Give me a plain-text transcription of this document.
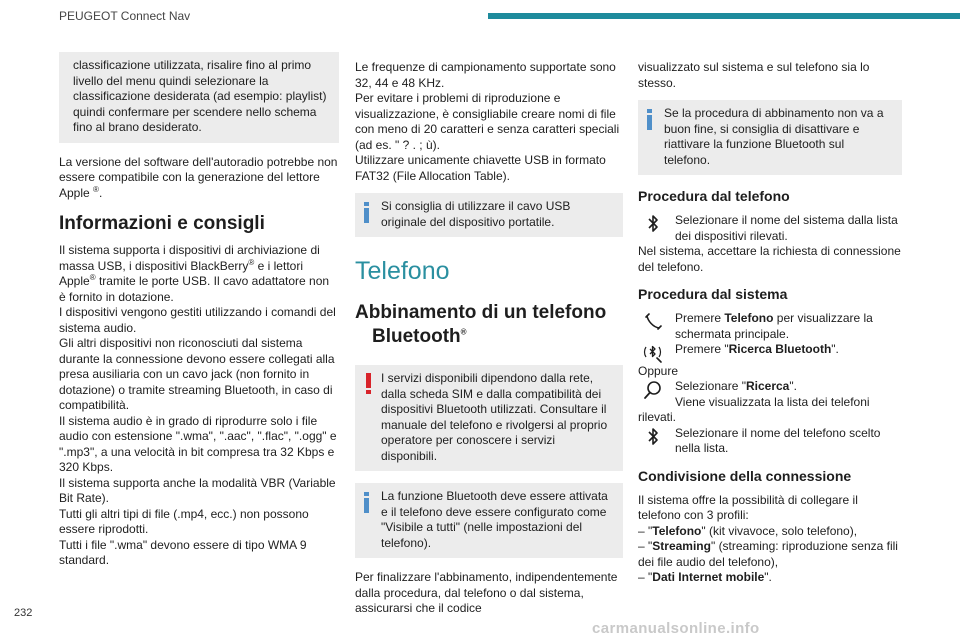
PEUGEOT Connect Nav

classificazione utilizzata, risalire fino al primo livello del menu quindi selezionare la classificazione desiderata (ad esempio: playlist) quindi confermare per scendere nello schema fino al brano desiderato.

La versione del software dell'autoradio potrebbe non essere compatibile con la generazione del lettore Apple ®.

Informazioni e consigli

Il sistema supporta i dispositivi di archiviazione di massa USB, i dispositivi BlackBerry® e i lettori Apple® tramite le porte USB. Il cavo adattatore non è fornito in dotazione.

I dispositivi vengono gestiti utilizzando i comandi del sistema audio.

Gli altri dispositivi non riconosciuti dal sistema durante la connessione devono essere collegati alla presa ausiliaria con un cavo jack (non fornito in dotazione) o tramite streaming Bluetooth, in caso di compatibilità.

Il sistema audio è in grado di riprodurre solo i file audio con estensione ".wma", ".aac", ".flac", ".ogg" e ".mp3", a una velocità in bit compresa tra 32 Kbps e 320 Kbps.

Il sistema supporta anche la modalità VBR (Variable Bit Rate).

Tutti gli altri tipi di file (.mp4, ecc.) non possono essere riprodotti.

Tutti i file ".wma" devono essere di tipo WMA 9 standard.

Le frequenze di campionamento supportate sono 32, 44 e 48 KHz.

Per evitare i problemi di riproduzione e visualizzazione, è consigliabile creare nomi di file con meno di 20 caratteri e senza caratteri speciali (ad es. " ? . ; ù).

Utilizzare unicamente chiavette USB in formato FAT32 (File Allocation Table).

Si consiglia di utilizzare il cavo USB originale del dispositivo portatile.

Telefono
Abbinamento di un telefono
Bluetooth®

I servizi disponibili dipendono dalla rete, dalla scheda SIM e dalla compatibilità dei dispositivi Bluetooth utilizzati. Consultare il manuale del telefono e rivolgersi al proprio operatore per conoscere i servizi disponibili.

La funzione Bluetooth deve essere attivata e il telefono deve essere configurato come "Visibile a tutti" (nelle impostazioni del telefono).

Per finalizzare l'abbinamento, indipendentemente dalla procedura, dal telefono o dal sistema, assicurarsi che il codice

visualizzato sul sistema e sul telefono sia lo stesso.

Se la procedura di abbinamento non va a buon fine, si consiglia di disattivare e riattivare la funzione Bluetooth sul telefono.

Procedura dal telefono

Selezionare il nome del sistema dalla lista dei dispositivi rilevati.

Nel sistema, accettare la richiesta di connessione del telefono.

Procedura dal sistema

Premere Telefono per visualizzare la schermata principale.

Premere "Ricerca Bluetooth".

Oppure

Selezionare "Ricerca".

Viene visualizzata la lista dei telefoni rilevati.

Selezionare il nome del telefono scelto nella lista.

Condivisione della connessione

Il sistema offre la possibilità di collegare il telefono con 3 profili:

– "Telefono" (kit vivavoce, solo telefono),

– "Streaming" (streaming: riproduzione senza fili dei file audio del telefono),

– "Dati Internet mobile".

232
carmanualsonline.info
